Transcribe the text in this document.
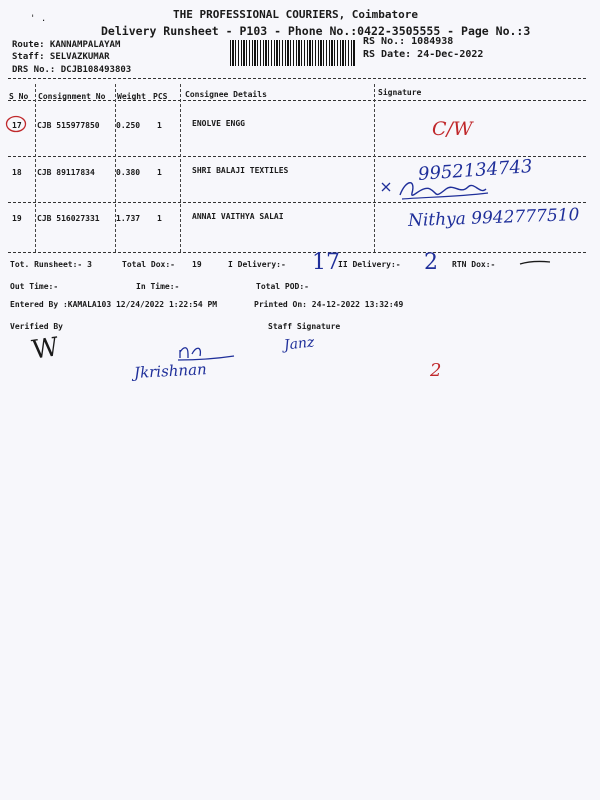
' .	THE PROFESSIONAL COURIERS, Coimbatore
Delivery Runsheet - P103 - Phone No.:0422-3505555 - Page No.:3
Route: KANNAMPALAYAM
Staff: SELVAZKUMAR
DRS No.: DCJB108493803
RS No.: 1084938
RS Date: 24-Dec-2022
S No Consignment No Weight PCS Consignee Details	Signature
17 CJB 515977850 0.250 1	ENOLVE ENGG	C/W
18 CJB 89117834	0.380 1	SHRI BALAJI TEXTILES	9952134743
19 CJB 516027331 1.737 1	ANNAI VAITHYA SALAI	Nithya 9942777510
Tot. Runsheet:- 3	Total Dox:- 19	I Delivery:- 17
II Delivery:- 2 RTN Dox:-
Out Time:-	In Time:-	Total POD:-
Entered By :KAMALA103 12/24/2022 1:22:54 PM	Printed On: 24-12-2022 13:32:49
Verified By	Staff Signature
W
Jkrishnan
Janz
2
